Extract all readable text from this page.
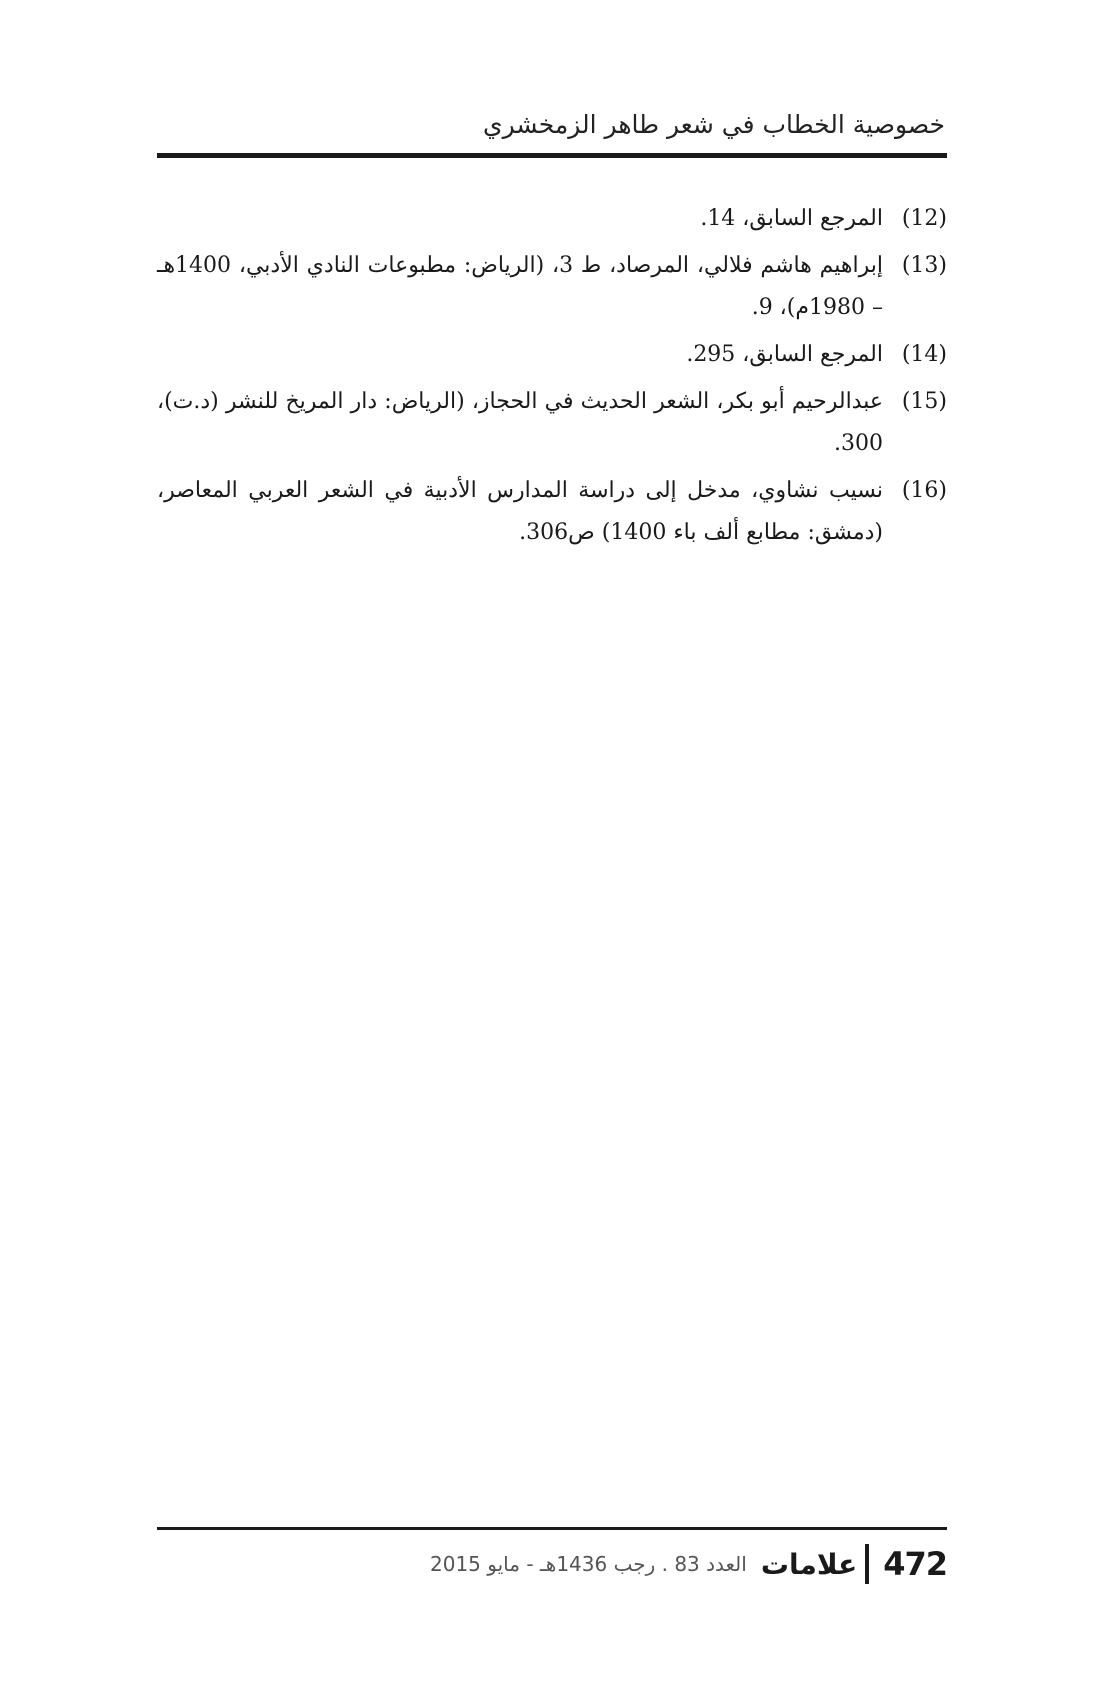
خصوصية الخطاب في شعر طاهر الزمخشري
(12)
المرجع السابق، 14.
(13)
إبراهيم هاشم فلالي، المرصاد، ط 3، (الرياض: مطبوعات النادي الأدبي، 1400هـ – 1980م)، 9.
(14)
المرجع السابق، 295.
(15)
عبدالرحيم أبو بكر، الشعر الحديث في الحجاز، (الرياض: دار المريخ للنشر (د.ت)، 300.
(16)
نسيب نشاوي، مدخل إلى دراسة المدارس الأدبية في الشعر العربي المعاصر، (دمشق: مطابع ألف باء 1400) ص306.
472
علامات
العدد 83 . رجب 1436هـ - مايو 2015
